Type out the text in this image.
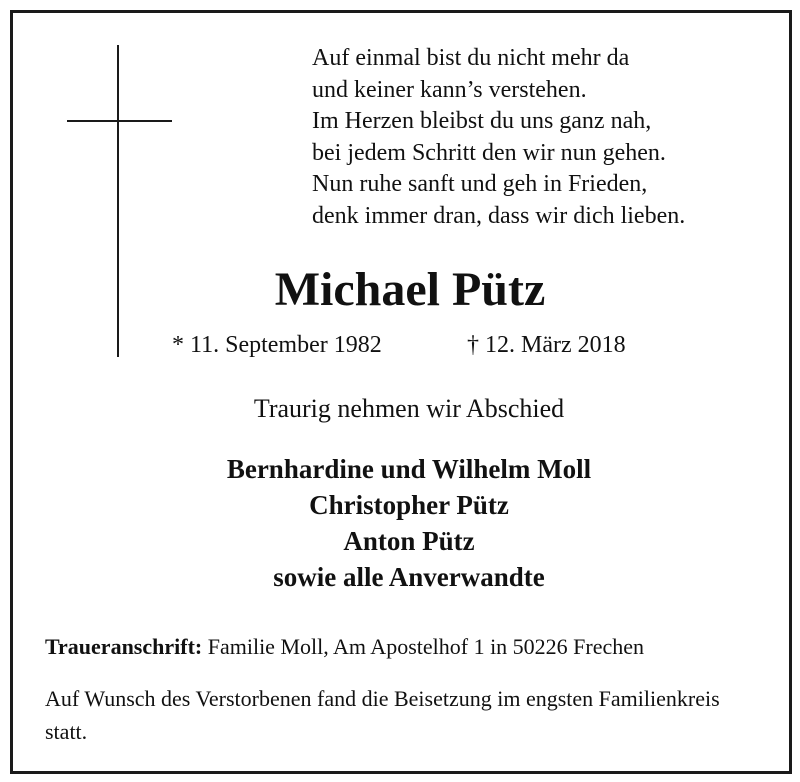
Auf einmal bist du nicht mehr da
und keiner kann’s verstehen.
Im Herzen bleibst du uns ganz nah,
bei jedem Schritt den wir nun gehen.
Nun ruhe sanft und geh in Frieden,
denk immer dran, dass wir dich lieben.
Michael Pütz
* 11. September 1982	† 12. März 2018
Traurig nehmen wir Abschied
Bernhardine und Wilhelm Moll
Christopher Pütz
Anton Pütz
sowie alle Anverwandte
Traueranschrift: Familie Moll, Am Apostelhof 1 in 50226 Frechen
Auf Wunsch des Verstorbenen fand die Beisetzung im engsten Familienkreis statt.
